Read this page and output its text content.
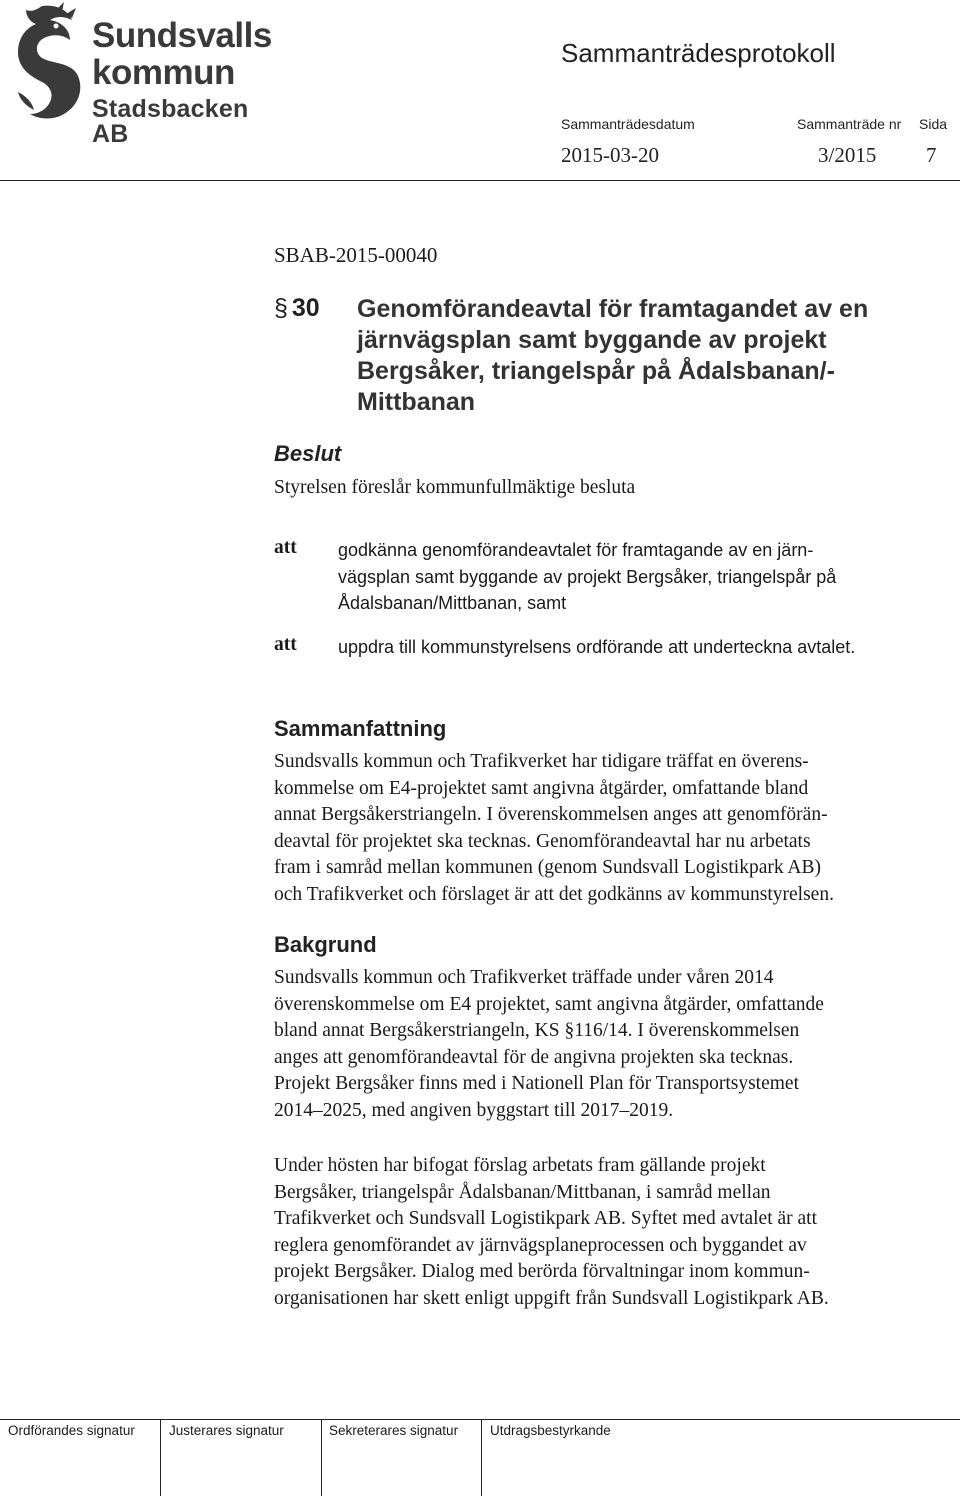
Sundsvalls
kommun
Stadsbacken AB
Sammanträdesprotokoll
Sammanträdesdatum	Sammanträde nr Sida
2015-03-20	3/2015 7
SBAB-2015-00040
§ 30 Genomförandeavtal för framtagandet av en
järnvägsplan samt byggande av projekt
Bergsåker, triangelspår på Ådalsbanan/-
Mittbanan
Beslut
Styrelsen föreslår kommunfullmäktige besluta
att godkänna genomförandeavtalet för framtagande av en järn-
vägsplan samt byggande av projekt Bergsåker, triangelspår på
Ådalsbanan/Mittbanan, samt
att uppdra till kommunstyrelsens ordförande att underteckna avtalet.
Sammanfattning
Sundsvalls kommun och Trafikverket har tidigare träffat en överens-
kommelse om E4-projektet samt angivna åtgärder, omfattande bland
annat Bergsåkerstriangeln. I överenskommelsen anges att genomförän-
deavtal för projektet ska tecknas. Genomförandeavtal har nu arbetats
fram i samråd mellan kommunen (genom Sundsvall Logistikpark AB)
och Trafikverket och förslaget är att det godkänns av kommunstyrelsen.
Bakgrund
Sundsvalls kommun och Trafikverket träffade under våren 2014
överenskommelse om E4 projektet, samt angivna åtgärder, omfattande
bland annat Bergsåkerstriangeln, KS §116/14. I överenskommelsen
anges att genomförandeavtal för de angivna projekten ska tecknas.
Projekt Bergsåker finns med i Nationell Plan för Transportsystemet
2014–2025, med angiven byggstart till 2017–2019.
Under hösten har bifogat förslag arbetats fram gällande projekt
Bergsåker, triangelspår Ådalsbanan/Mittbanan, i samråd mellan
Trafikverket och Sundsvall Logistikpark AB. Syftet med avtalet är att
reglera genomförandet av järnvägsplaneprocessen och byggandet av
projekt Bergsåker. Dialog med berörda förvaltningar inom kommun-
organisationen har skett enligt uppgift från Sundsvall Logistikpark AB.
Ordförandes signatur	Justerares signatur	Sekreterares signatur Utdragsbestyrkande
